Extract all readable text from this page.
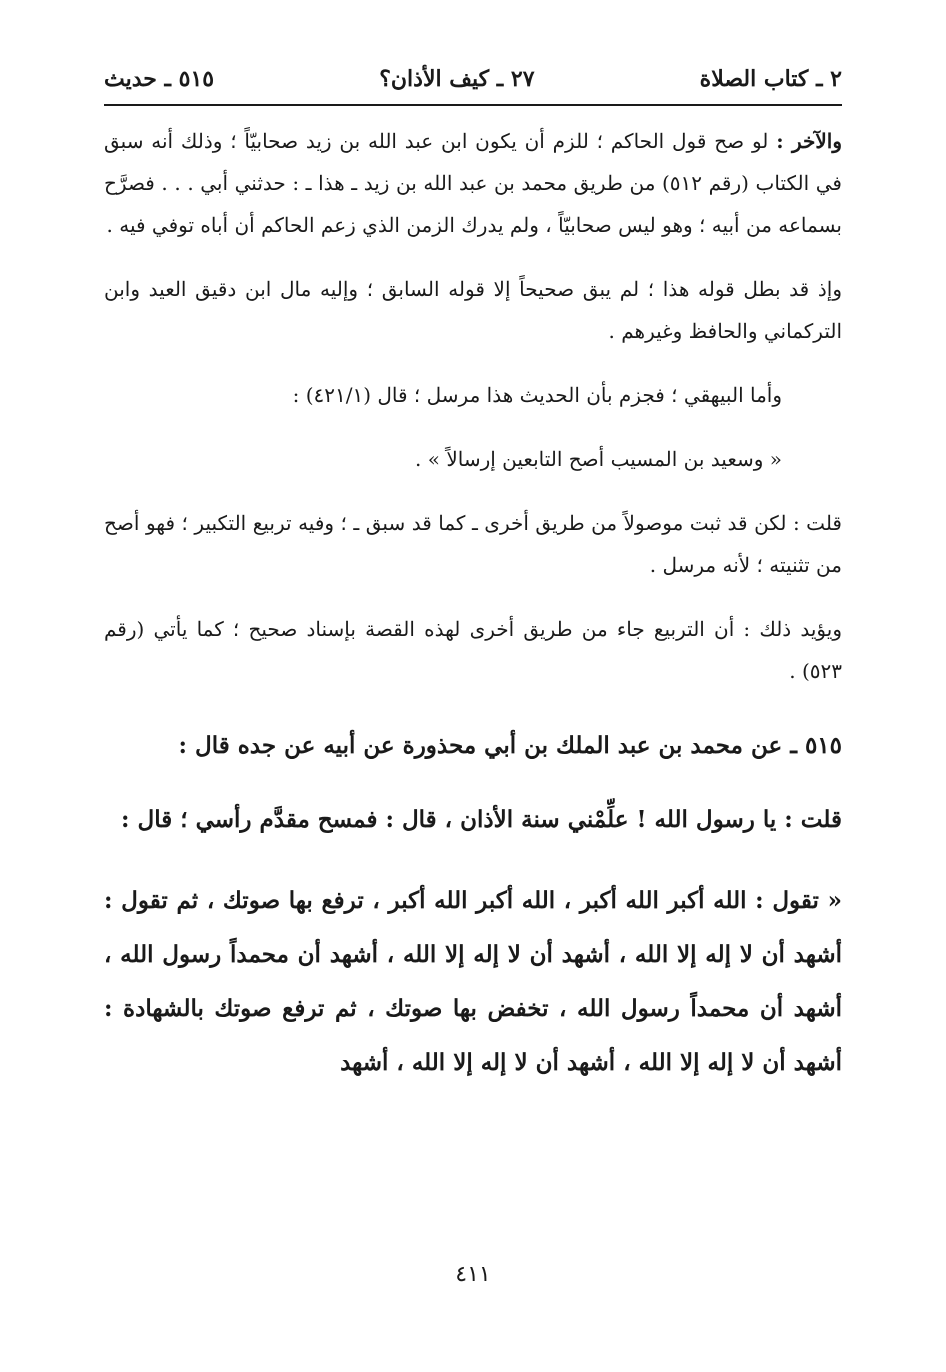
٢ ـ كتاب الصلاة
٢٧ ـ كيف الأذان؟
٥١٥ ـ حديث

والآخر : لو صح قول الحاكم ؛ للزم أن يكون ابن عبد الله بن زيد صحابيّاً ؛ وذلك أنه سبق في الكتاب (رقم ٥١٢) من طريق محمد بن عبد الله بن زيد ـ هذا ـ : حدثني أبي . . . فصرَّح بسماعه من أبيه ؛ وهو ليس صحابيّاً ، ولم يدرك الزمن الذي زعم الحاكم أن أباه توفي فيه .

وإذ قد بطل قوله هذا ؛ لم يبق صحيحاً إلا قوله السابق ؛ وإليه مال ابن دقيق العيد وابن التركماني والحافظ وغيرهم .

وأما البيهقي ؛ فجزم بأن الحديث هذا مرسل ؛ قال (٤٢١/١) :

« وسعيد بن المسيب أصح التابعين إرسالاً » .

قلت : لكن قد ثبت موصولاً من طريق أخرى ـ كما قد سبق ـ ؛ وفيه تربيع التكبير ؛ فهو أصح من تثنيته ؛ لأنه مرسل .

ويؤيد ذلك : أن التربيع جاء من طريق أخرى لهذه القصة بإسناد صحيح ؛ كما يأتي (رقم ٥٢٣) .

٥١٥ ـ عن محمد بن عبد الملك بن أبي محذورة عن أبيه عن جده قال :

قلت : يا رسول الله ! علِّمْني سنة الأذان ، قال : فمسح مقدَّم رأسي ؛ قال :

« تقول : الله أكبر الله أكبر ، الله أكبر الله أكبر ، ترفع بها صوتك ، ثم تقول : أشهد أن لا إله إلا الله ، أشهد أن لا إله إلا الله ، أشهد أن محمداً رسول الله ، أشهد أن محمداً رسول الله ، تخفض بها صوتك ، ثم ترفع صوتك بالشهادة : أشهد أن لا إله إلا الله ، أشهد أن لا إله إلا الله ، أشهد

٤١١
